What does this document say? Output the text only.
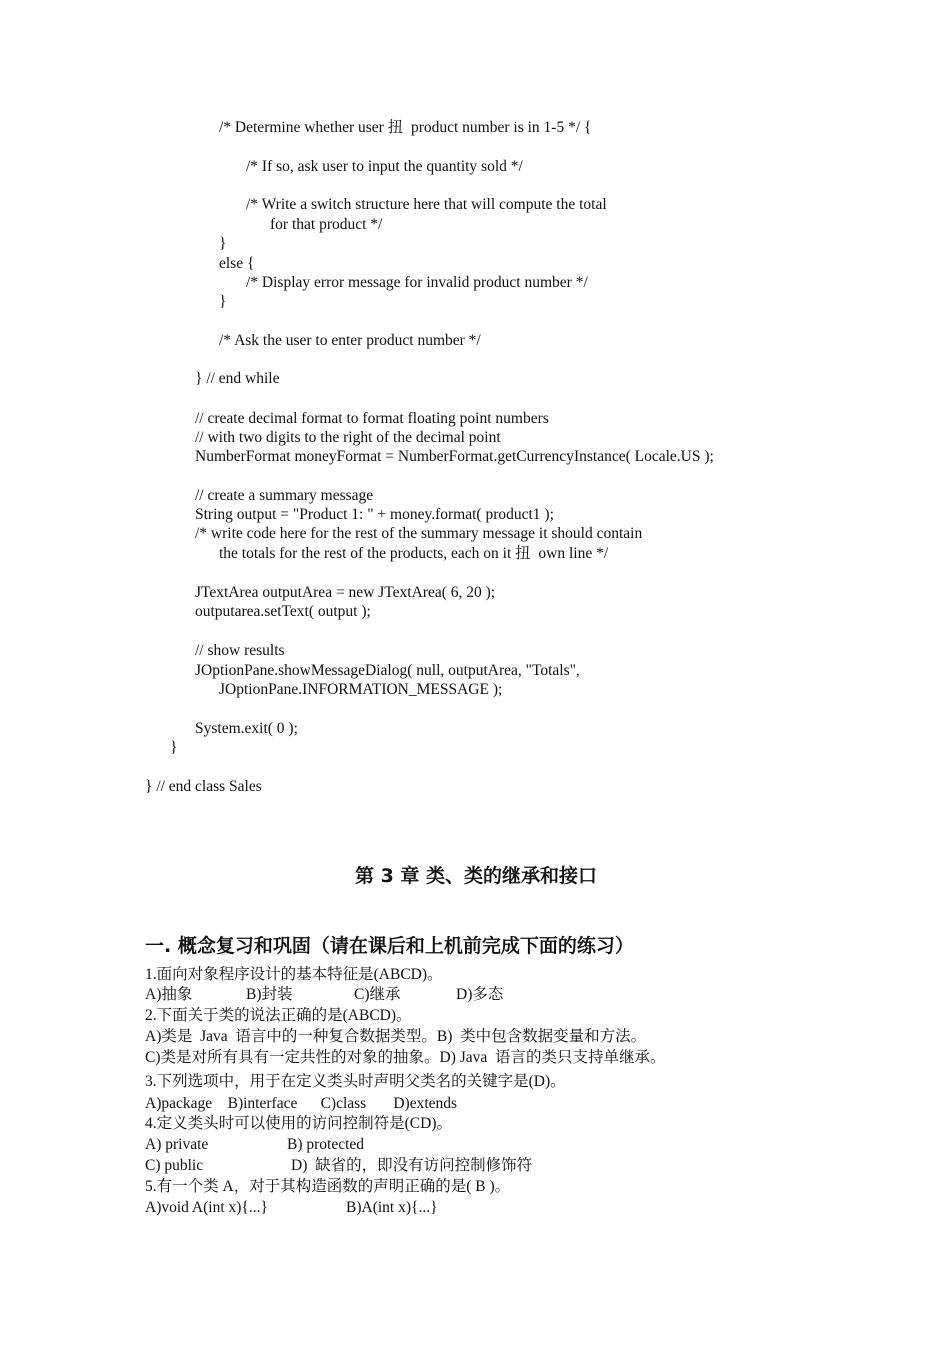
/* Determine whether user 扭  product number is in 1-5 */ {

/* If so, ask user to input the quantity sold */

/* Write a switch structure here that will compute the total

for that product */

}

else {

/* Display error message for invalid product number */

}

/* Ask the user to enter product number */

} // end while

// create decimal format to format floating point numbers

// with two digits to the right of the decimal point

NumberFormat moneyFormat = NumberFormat.getCurrencyInstance( Locale.US );

// create a summary message

String output = "Product 1: " + money.format( product1 );

/* write code here for the rest of the summary message it should contain

the totals for the rest of the products, each on it 扭  own line */

JTextArea outputArea = new JTextArea( 6, 20 );

outputarea.setText( output );

// show results

JOptionPane.showMessageDialog( null, outputArea, "Totals",

JOptionPane.INFORMATION_MESSAGE );

System.exit( 0 );

}

} // end class Sales

第 3 章 类、类的继承和接口
一. 概念复习和巩固（请在课后和上机前完成下面的练习）

1.面向对象程序设计的基本特征是(ABCD)。

A)抽象	B)封装	C)继承	D)多态

2.下面关于类的说法正确的是(ABCD)。

A)类是  Java  语言中的一种复合数据类型。B)  类中包含数据变量和方法。

C)类是对所有具有一定共性的对象的抽象。D) Java  语言的类只支持单继承。

3.下列选项中，用于在定义类头时声明父类名的关键字是(D)。

A)package    B)interface      C)class       D)extends

4.定义类头时可以使用的访问控制符是(CD)。

A) private	B) protected
C) public	D)  缺省的，即没有访问控制修饰符

5.有一个类 A，对于其构造函数的声明正确的是( B )。

A)void A(int x){...}	B)A(int x){...}
